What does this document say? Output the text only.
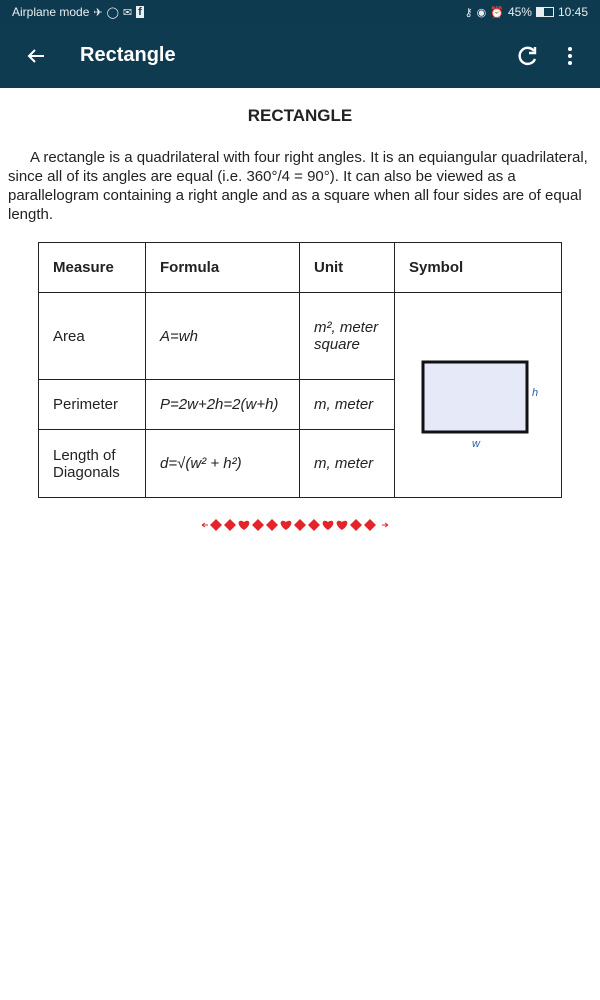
Airplane mode ✈ ◯ ✉ f	⚷ ◉ ⏰ 45% 10:45
Rectangle
RECTANGLE
A rectangle is a quadrilateral with four right angles. It is an equiangular quadrilateral, since all of its angles are equal (i.e. 360°/4 = 90°). It can also be viewed as a parallelogram containing a right angle and as a square when all four sides are of equal length.
Measure	Formula	Unit	Symbol
Area	A=wh	m², meter square	h
w

Perimeter	P=2w+2h=2(w+h)	m, meter	
Length of Diagonals	d=√(w² + h²)	m, meter	
